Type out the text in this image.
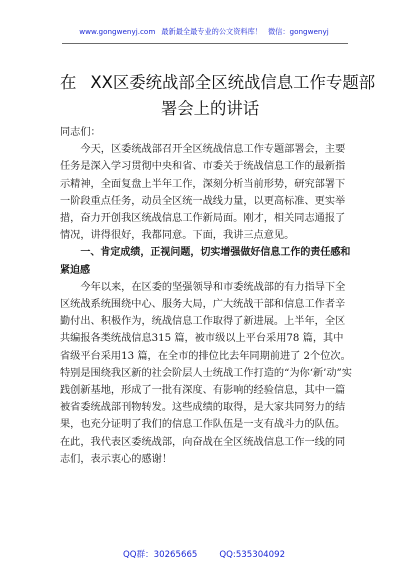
www.gongwenyj.com 最新最全最专业的公文资料库！ 微信：gongwenyj
在 XX区委统战部全区统战信息工作专题部
署会上的讲话

同志们：

今天，区委统战部召开全区统战信息工作专题部署会，主要任务是深入学习贯彻中央和省、市委关于统战信息工作的最新指示精神，全面复盘上半年工作，深刻分析当前形势，研究部署下一阶段重点任务，动员全区统一战线力量，以更高标准、更实举措，奋力开创我区统战信息工作新局面。刚才，相关同志通报了情况，讲得很好，我都同意。下面，我讲三点意见。

一、肯定成绩，正视问题，切实增强做好信息工作的责任感和紧迫感

今年以来，在区委的坚强领导和市委统战部的有力指导下全区统战系统围绕中心、服务大局，广大统战干部和信息工作者辛勤付出、积极作为，统战信息工作取得了新进展。上半年，全区共编报各类统战信息315 篇，被市级以上平台采用78 篇，其中省级平台采用13 篇，在全市的排位比去年同期前进了 2个位次。特别是围绕我区新的社会阶层人士统战工作打造的“为你‘新’动”实践创新基地，形成了一批有深度、有影响的经验信息，其中一篇被省委统战部刊物转发。这些成绩的取得，是大家共同努力的结果，也充分证明了我们的信息工作队伍是一支有战斗力的队伍。在此，我代表区委统战部，向奋战在全区统战信息工作一线的同志们，表示衷心的感谢！

QQ群：30265665	QQ:535304092
